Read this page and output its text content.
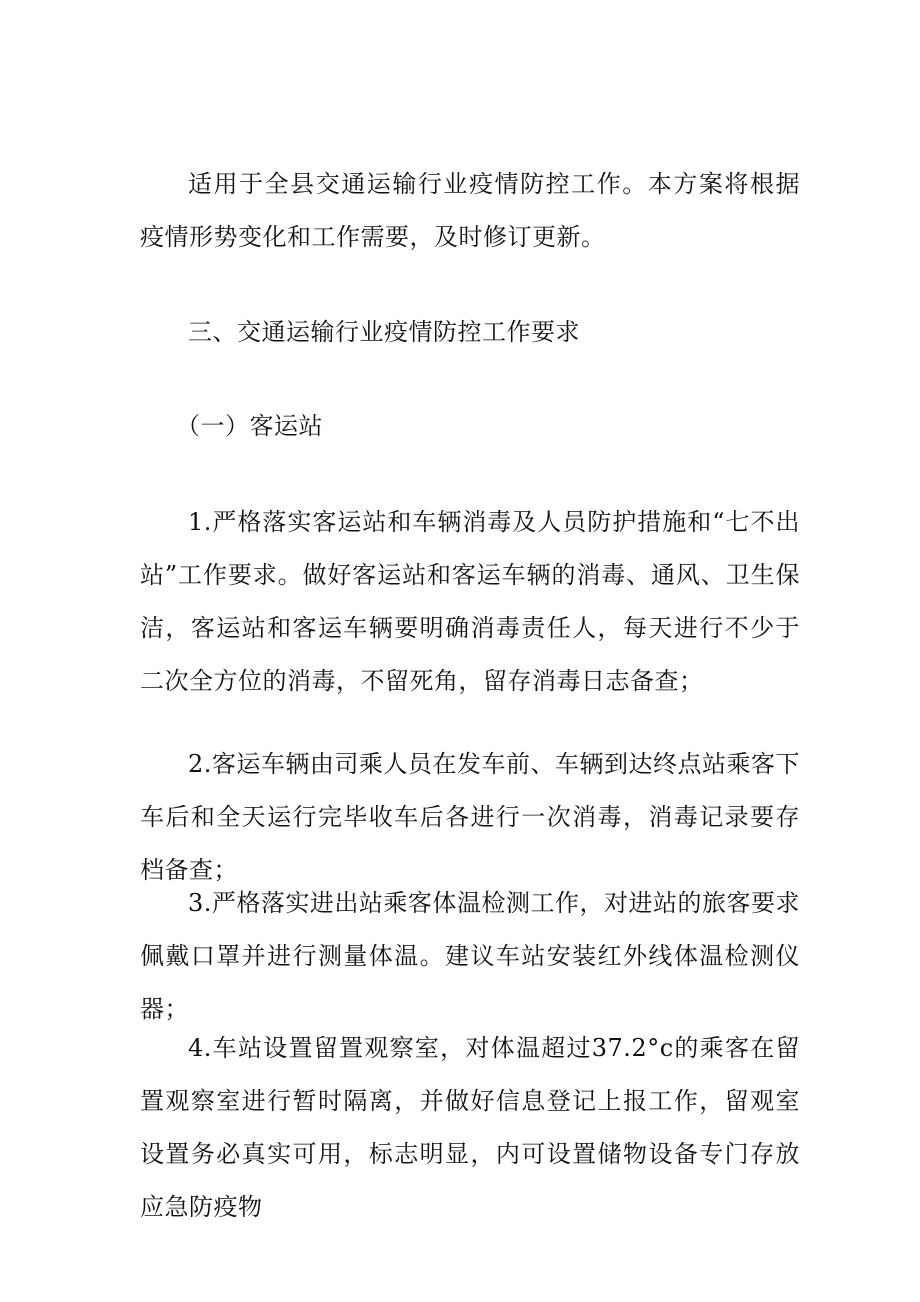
适用于全县交通运输行业疫情防控工作。本方案将根据疫情形势变化和工作需要，及时修订更新。

三、交通运输行业疫情防控工作要求

（一）客运站

1.严格落实客运站和车辆消毒及人员防护措施和“七不出站”工作要求。做好客运站和客运车辆的消毒、通风、卫生保洁，客运站和客运车辆要明确消毒责任人，每天进行不少于二次全方位的消毒，不留死角，留存消毒日志备查；

2.客运车辆由司乘人员在发车前、车辆到达终点站乘客下车后和全天运行完毕收车后各进行一次消毒，消毒记录要存档备查；

3.严格落实进出站乘客体温检测工作，对进站的旅客要求佩戴口罩并进行测量体温。建议车站安装红外线体温检测仪器；

4.车站设置留置观察室，对体温超过37.2°c的乘客在留置观察室进行暂时隔离，并做好信息登记上报工作，留观室设置务必真实可用，标志明显，内可设置储物设备专门存放应急防疫物
